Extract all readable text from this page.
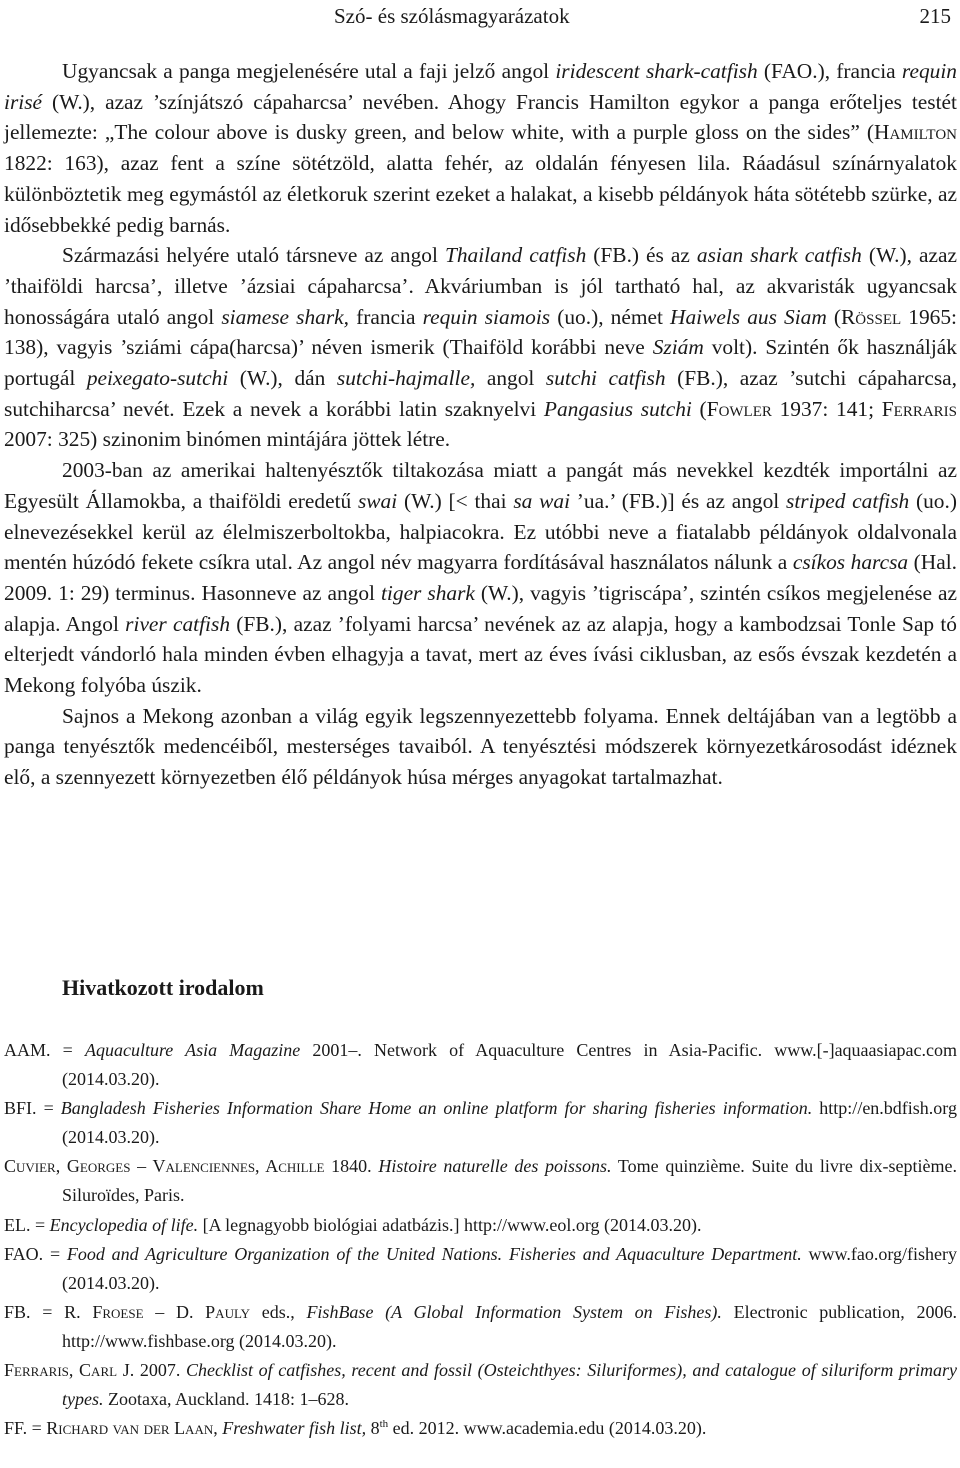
Szó- és szólásmagyarázatok	215

Ugyancsak a panga megjelenésére utal a faji jelző angol iridescent shark-catfish (FAO.), francia requin irisé (W.), azaz ’színjátszó cápaharcsa’ nevében. Ahogy Francis Hamilton egykor a panga erőteljes testét jellemezte: „The colour above is dusky green, and below white, with a purple gloss on the sides” (Hamilton 1822: 163), azaz fent a színe sötétzöld, alatta fehér, az oldalán fényesen lila. Ráadásul színárnyalatok különböztetik meg egymástól az életkoruk szerint ezeket a halakat, a kisebb példányok háta sötétebb szürke, az idősebbekké pedig barnás.

Származási helyére utaló társneve az angol Thailand catfish (FB.) és az asian shark catfish (W.), azaz ’thaiföldi harcsa’, illetve ’ázsiai cápaharcsa’. Akváriumban is jól tartható hal, az akvaristák ugyancsak honosságára utaló angol siamese shark, francia requin siamois (uo.), német Haiwels aus Siam (Rössel 1965: 138), vagyis ’sziámi cápa(harcsa)’ néven ismerik (Thaiföld korábbi neve Sziám volt). Szintén ők használják portugál peixegato-sutchi (W.), dán sutchi-hajmalle, angol sutchi catfish (FB.), azaz ’sutchi cápaharcsa, sutchiharcsa’ nevét. Ezek a nevek a korábbi latin szaknyelvi Pangasius sutchi (Fowler 1937: 141; Ferraris 2007: 325) szinonim binómen mintájára jöttek létre.

2003-ban az amerikai haltenyésztők tiltakozása miatt a pangát más nevekkel kezdték importálni az Egyesült Államokba, a thaiföldi eredetű swai (W.) [< thai sa wai ’ua.’ (FB.)] és az angol striped catfish (uo.) elnevezésekkel kerül az élelmiszerboltokba, halpiacokra. Ez utóbbi neve a fiatalabb példányok oldalvonala mentén húzódó fekete csíkra utal. Az angol név magyarra fordításával használatos nálunk a csíkos harcsa (Hal. 2009. 1: 29) terminus. Hasonneve az angol tiger shark (W.), vagyis ’tigriscápa’, szintén csíkos megjelenése az alapja. Angol river catfish (FB.), azaz ’folyami harcsa’ nevének az az alapja, hogy a kambodzsai Tonle Sap tó elterjedt vándorló hala minden évben elhagyja a tavat, mert az éves ívási ciklusban, az esős évszak kezdetén a Mekong folyóba úszik.

Sajnos a Mekong azonban a világ egyik legszennyezettebb folyama. Ennek deltájában van a legtöbb a panga tenyésztők medencéiből, mesterséges tavaiból. A tenyésztési módszerek környezetkárosodást idéznek elő, a szennyezett környezetben élő példányok húsa mérges anyagokat tartalmazhat.

Hivatkozott irodalom

AAM. = Aquaculture Asia Magazine 2001–. Network of Aquaculture Centres in Asia-Pacific. www.[-]aquaasiapac.com (2014.03.20).

BFI. = Bangladesh Fisheries Information Share Home an online platform for sharing fisheries information. http://en.bdfish.org (2014.03.20).

Cuvier, Georges – Valenciennes, Achille 1840. Histoire naturelle des poissons. Tome quinzième. Suite du livre dix-septième. Siluroïdes, Paris.

EL. = Encyclopedia of life. [A legnagyobb biológiai adatbázis.] http://www.eol.org (2014.03.20).

FAO. = Food and Agriculture Organization of the United Nations. Fisheries and Aquaculture Department. www.fao.org/fishery (2014.03.20).

FB. = R. Froese – D. Pauly eds., FishBase (A Global Information System on Fishes). Electronic publication, 2006. http://www.fishbase.org (2014.03.20).

Ferraris, Carl J. 2007. Checklist of catfishes, recent and fossil (Osteichthyes: Siluriformes), and catalogue of siluriform primary types. Zootaxa, Auckland. 1418: 1–628.

FF. = Richard van der Laan, Freshwater fish list, 8th ed. 2012. www.academia.edu (2014.03.20).
